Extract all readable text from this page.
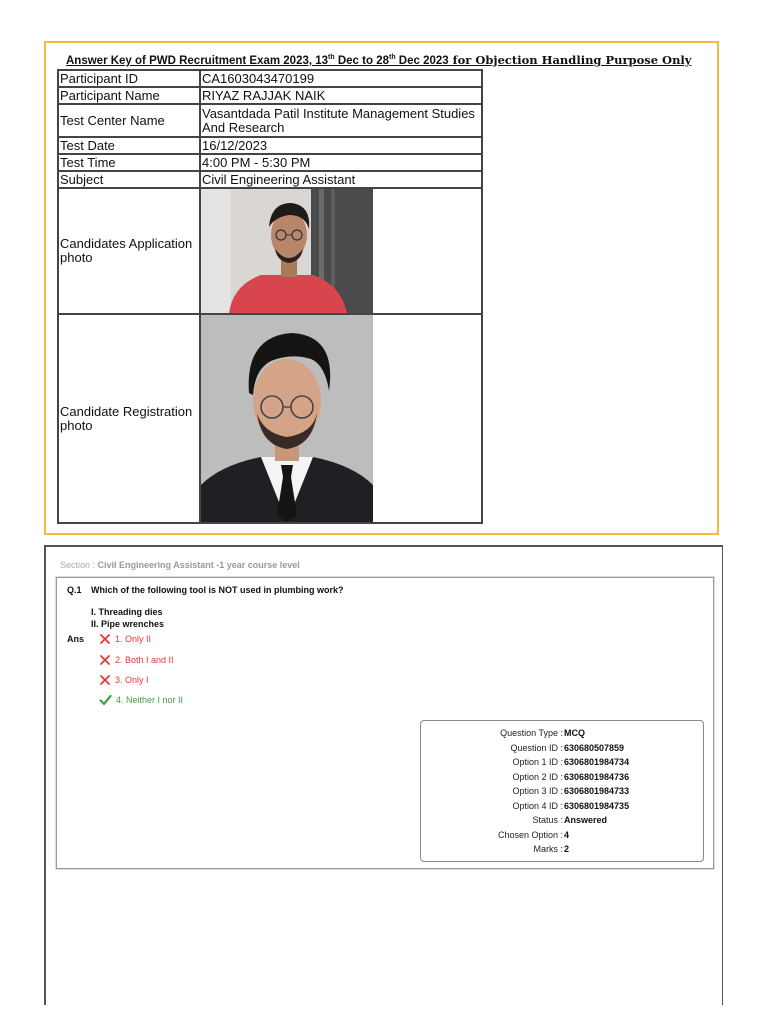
Answer Key of PWD Recruitment Exam 2023, 13th Dec to 28th Dec 2023 for Objection Handling Purpose Only
Participant ID	CA1603043470199
Participant Name	RIYAZ RAJJAK NAIK
Test Center Name	Vasantdada Patil Institute Management Studies And Research
Test Date	16/12/2023
Test Time	4:00 PM - 5:30 PM
Subject	Civil Engineering Assistant
Candidates Application photo	

Candidate Registration photo	
Section : Civil Engineering Assistant -1 year course level
Q.1 Which of the following tool is NOT used in plumbing work?
I. Threading dies
II. Pipe wrenches
Ans	1. Only II
2. Both I and II
3. Only I
4. Neither I nor II
Question Type : MCQ
Question ID : 630680507859
Option 1 ID : 6306801984734
Option 2 ID : 6306801984736
Option 3 ID : 6306801984733
Option 4 ID : 6306801984735
Status : Answered
Chosen Option : 4
Marks : 2
